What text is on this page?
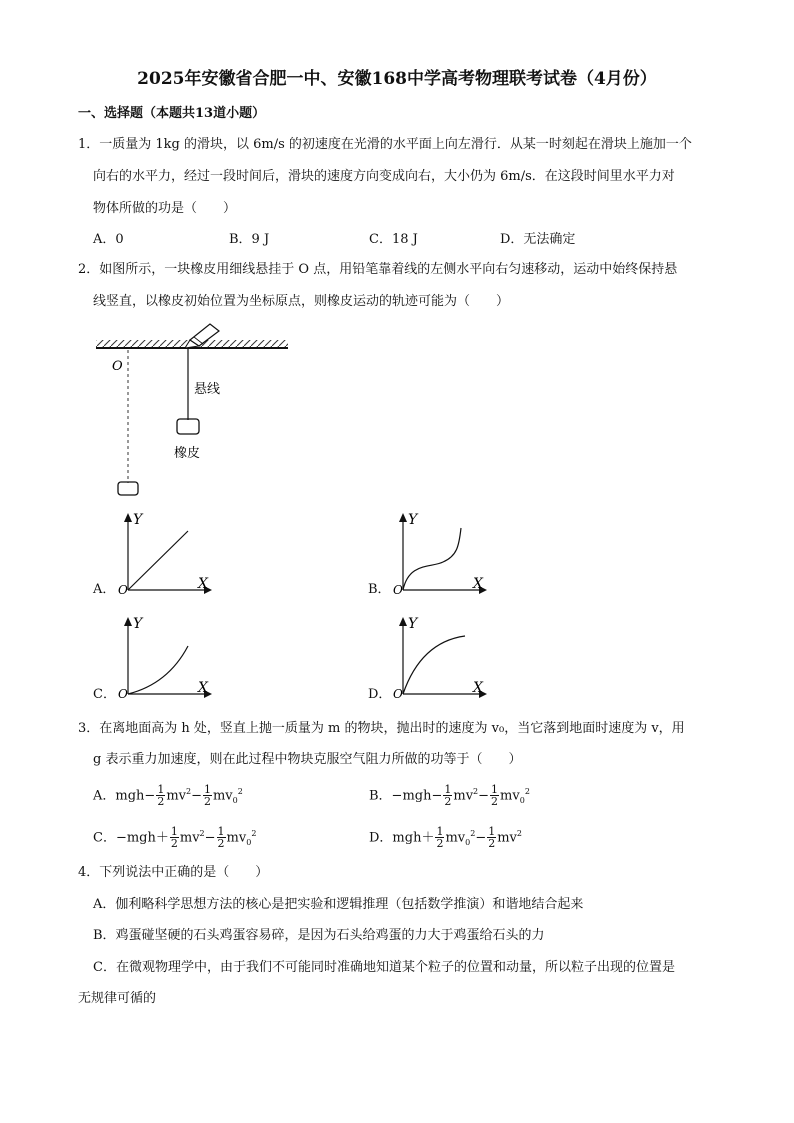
2025年安徽省合肥一中、安徽168中学高考物理联考试卷（4月份）
一、选择题（本题共13道小题）
1．一质量为 1kg 的滑块，以 6m/s 的初速度在光滑的水平面上向左滑行．从某一时刻起在滑块上施加一个
向右的水平力，经过一段时间后，滑块的速度方向变成向右，大小仍为 6m/s．在这段时间里水平力对
物体所做的功是（　　）
A．0	B．9 J	C．18 J	D．无法确定
2．如图所示，一块橡皮用细线悬挂于 O 点，用铅笔靠着线的左侧水平向右匀速移动，运动中始终保持悬
线竖直，以橡皮初始位置为坐标原点，则橡皮运动的轨迹可能为（　　）
O
悬线
橡皮
A． O
Y
X	B． O
Y
X
C． O
Y
X	D． O
Y
X
3．在离地面高为 h 处，竖直上抛一质量为 m 的物块，抛出时的速度为 v₀，当它落到地面时速度为 v，用
g 表示重力加速度，则在此过程中物块克服空气阻力所做的功等于（　　）
A．$mgh- \frac{1}{2} mv^2- \frac{1}{2} mv_0^2$	B．$-mgh- \frac{1}{2} mv^2- \frac{1}{2} mv_0^2$
C．$-mgh+ \frac{1}{2} mv^2- \frac{1}{2} mv_0^2$	D．$mgh+ \frac{1}{2} mv_0^2- \frac{1}{2} mv^2$
4．下列说法中正确的是（　　）
A．伽利略科学思想方法的核心是把实验和逻辑推理（包括数学推演）和谐地结合起来
B．鸡蛋碰坚硬的石头鸡蛋容易碎，是因为石头给鸡蛋的力大于鸡蛋给石头的力
C．在微观物理学中，由于我们不可能同时准确地知道某个粒子的位置和动量，所以粒子出现的位置是
无规律可循的
